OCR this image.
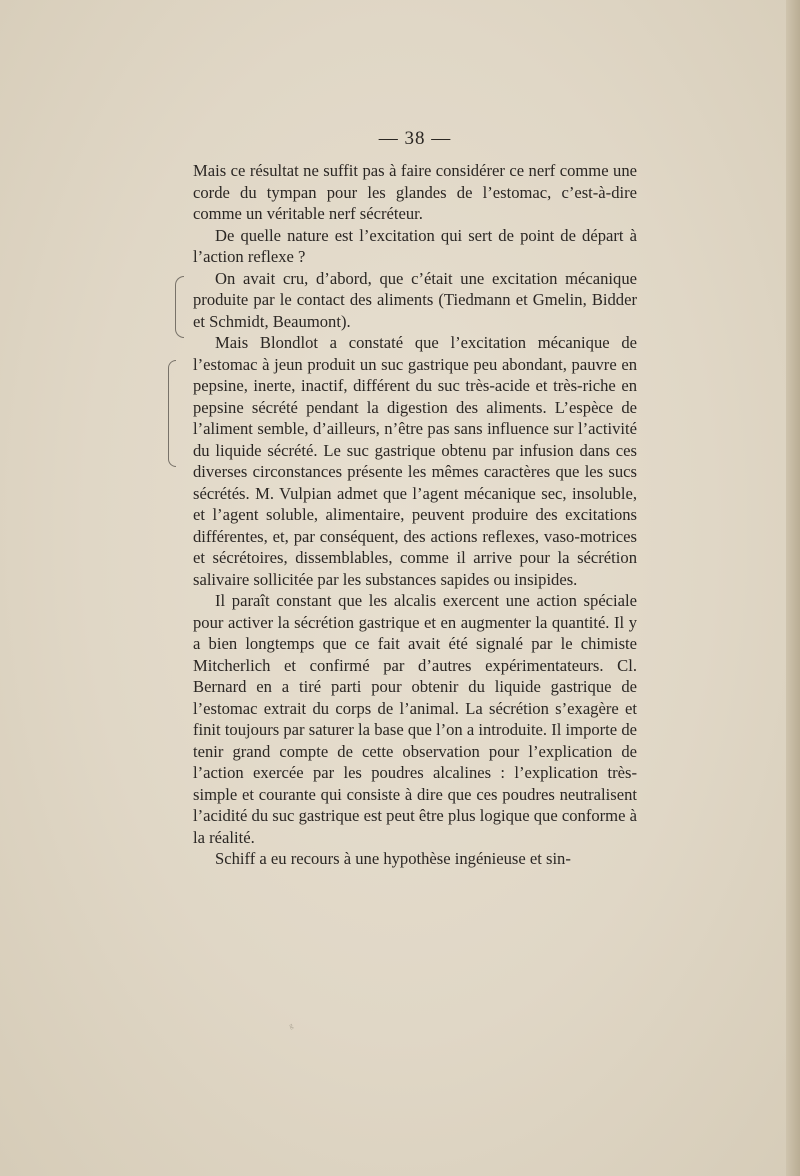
— 38 —
ᵍ

Mais ce résultat ne suffit pas à faire considérer ce nerf comme une corde du tympan pour les glandes de l’estomac, c’est-à-dire comme un véritable nerf sécréteur.

De quelle nature est l’excitation qui sert de point de départ à l’action reflexe ?

On avait cru, d’abord, que c’était une excitation mécanique produite par le contact des aliments (Tiedmann et Gmelin, Bidder et Schmidt, Beaumont).

Mais Blondlot a constaté que l’excitation mécanique de l’estomac à jeun produit un suc gastrique peu abondant, pauvre en pepsine, inerte, inactif, différent du suc très-acide et très-riche en pepsine sécrété pendant la digestion des aliments. L’espèce de l’aliment semble, d’ailleurs, n’être pas sans influence sur l’activité du liquide sécrété. Le suc gastrique obtenu par infusion dans ces diverses circonstances présente les mêmes caractères que les sucs sécrétés. M. Vulpian admet que l’agent mécanique sec, insoluble, et l’agent soluble, alimentaire, peuvent produire des excitations différentes, et, par conséquent, des actions reflexes, vaso-motrices et sécrétoires, dissemblables, comme il arrive pour la sécrétion salivaire sollicitée par les substances sapides ou insipides.

Il paraît constant que les alcalis exercent une action spéciale pour activer la sécrétion gastrique et en augmenter la quantité. Il y a bien longtemps que ce fait avait été signalé par le chimiste Mitcherlich et confirmé par d’autres expérimentateurs. Cl. Bernard en a tiré parti pour obtenir du liquide gastrique de l’estomac extrait du corps de l’animal. La sécrétion s’exagère et finit toujours par saturer la base que l’on a introduite. Il importe de tenir grand compte de cette observation pour l’explication de l’action exercée par les poudres alcalines : l’explication très-simple et courante qui consiste à dire que ces poudres neutralisent l’acidité du suc gastrique est peut être plus logique que conforme à la réalité.

Schiff a eu recours à une hypothèse ingénieuse et sin-
